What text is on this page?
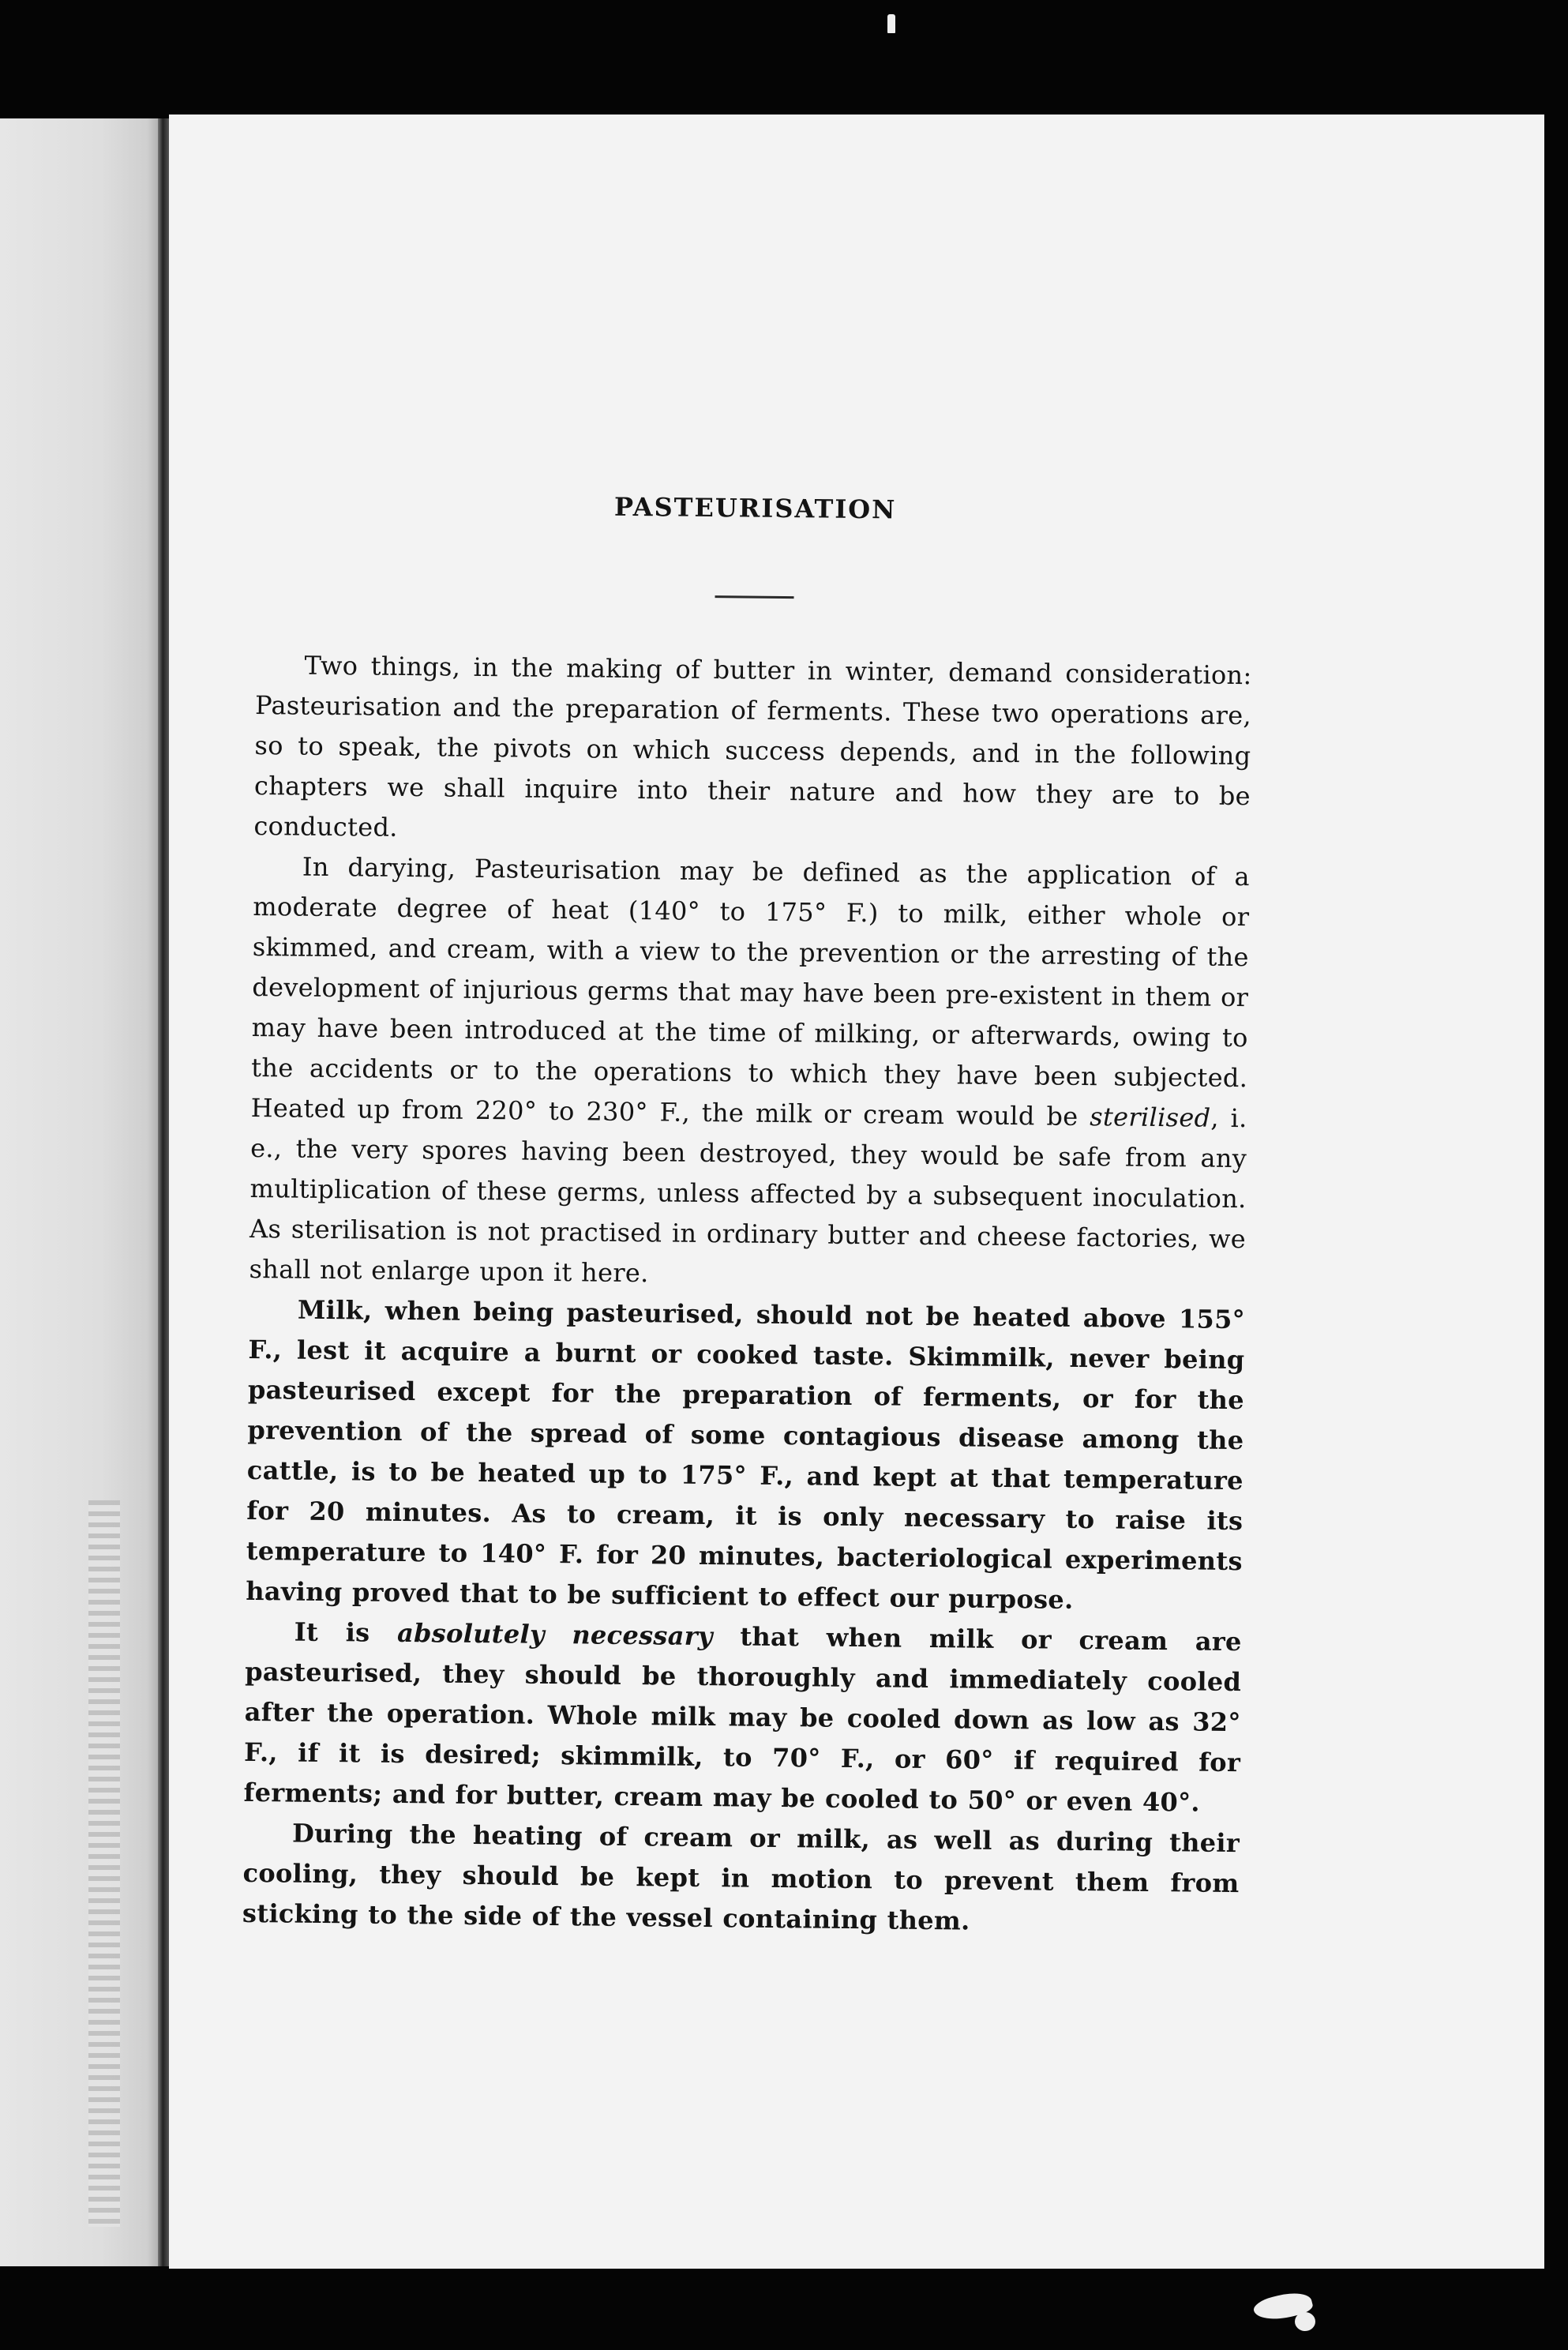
PASTEURISATION

Two things, in the making of butter in winter, demand consideration: Pasteurisation and the preparation of ferments. These two operations are, so to speak, the pivots on which success depends, and in the following chapters we shall inquire into their nature and how they are to be conducted.

In darying, Pasteurisation may be defined as the application of a moderate degree of heat (140° to 175° F.) to milk, either whole or skimmed, and cream, with a view to the prevention or the arresting of the development of injurious germs that may have been pre-existent in them or may have been introduced at the time of milking, or afterwards, owing to the accidents or to the operations to which they have been subjected. Heated up from 220° to 230° F., the milk or cream would be sterilised, i. e., the very spores having been destroyed, they would be safe from any multiplication of these germs, unless affected by a subsequent inoculation. As sterilisation is not practised in ordinary butter and cheese factories, we shall not enlarge upon it here.

Milk, when being pasteurised, should not be heated above 155° F., lest it acquire a burnt or cooked taste. Skimmilk, never being pasteurised except for the preparation of ferments, or for the prevention of the spread of some contagious disease among the cattle, is to be heated up to 175° F., and kept at that temperature for 20 minutes. As to cream, it is only necessary to raise its temperature to 140° F. for 20 minutes, bacteriological experiments having proved that to be sufficient to effect our purpose.

It is absolutely necessary that when milk or cream are pasteurised, they should be thoroughly and immediately cooled after the operation. Whole milk may be cooled down as low as 32° F., if it is desired; skimmilk, to 70° F., or 60° if required for ferments; and for butter, cream may be cooled to 50° or even 40°.

During the heating of cream or milk, as well as during their cooling, they should be kept in motion to prevent them from sticking to the side of the vessel containing them.
